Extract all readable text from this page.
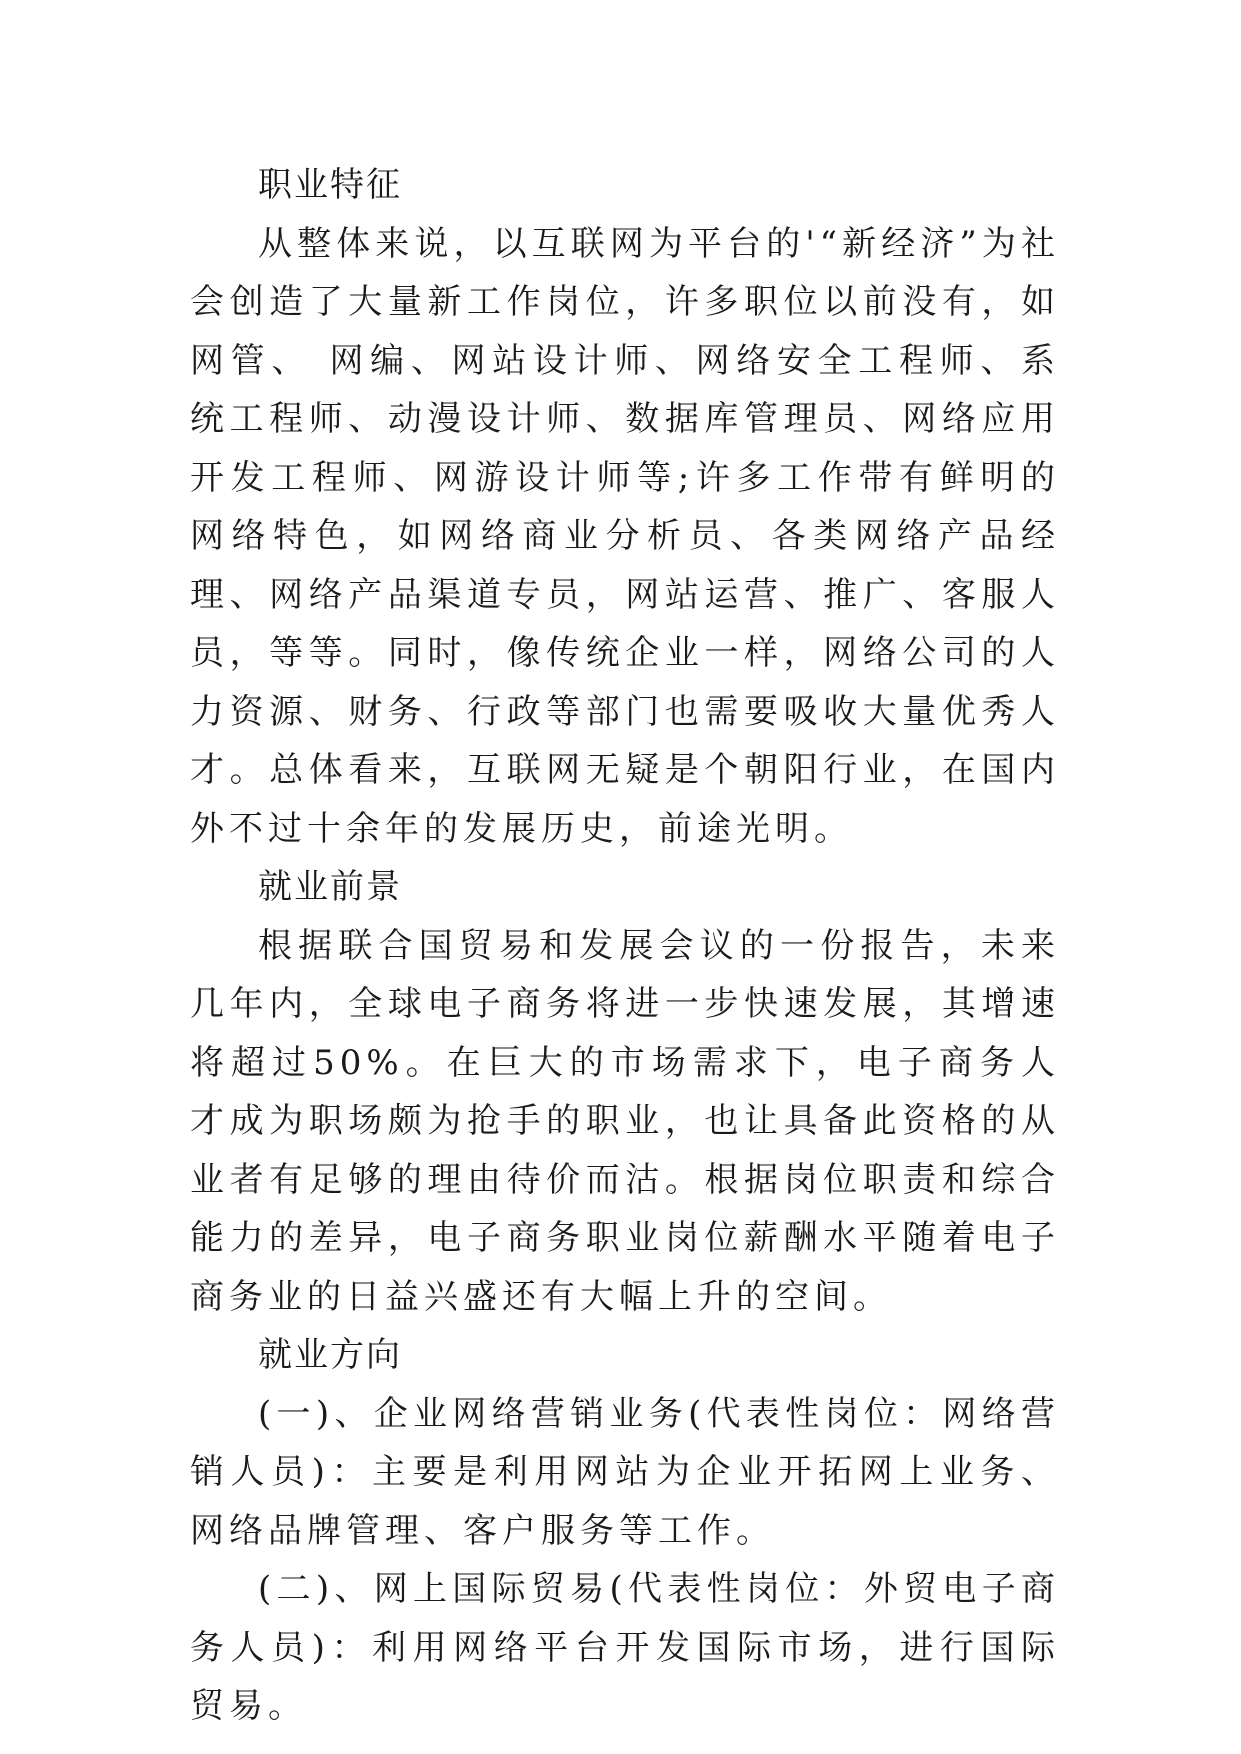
职业特征

从整体来说，以互联网为平台的'“新经济”为社会创造了大量新工作岗位，许多职位以前没有，如网管、 网编、网站设计师、网络安全工程师、系统工程师、动漫设计师、数据库管理员、网络应用开发工程师、网游设计师等;许多工作带有鲜明的网络特色，如网络商业分析员、各类网络产品经理、网络产品渠道专员，网站运营、推广、客服人员，等等。同时，像传统企业一样，网络公司的人力资源、财务、行政等部门也需要吸收大量优秀人才。总体看来，互联网无疑是个朝阳行业，在国内外不过十余年的发展历史，前途光明。

就业前景

根据联合国贸易和发展会议的一份报告，未来几年内，全球电子商务将进一步快速发展，其增速将超过50%。在巨大的市场需求下，电子商务人才成为职场颇为抢手的职业，也让具备此资格的从业者有足够的理由待价而沽。根据岗位职责和综合能力的差异，电子商务职业岗位薪酬水平随着电子商务业的日益兴盛还有大幅上升的空间。

就业方向

(一)、企业网络营销业务(代表性岗位：网络营销人员)：主要是利用网站为企业开拓网上业务、网络品牌管理、客户服务等工作。

(二)、网上国际贸易(代表性岗位：外贸电子商务人员)：利用网络平台开发国际市场，进行国际贸易。
